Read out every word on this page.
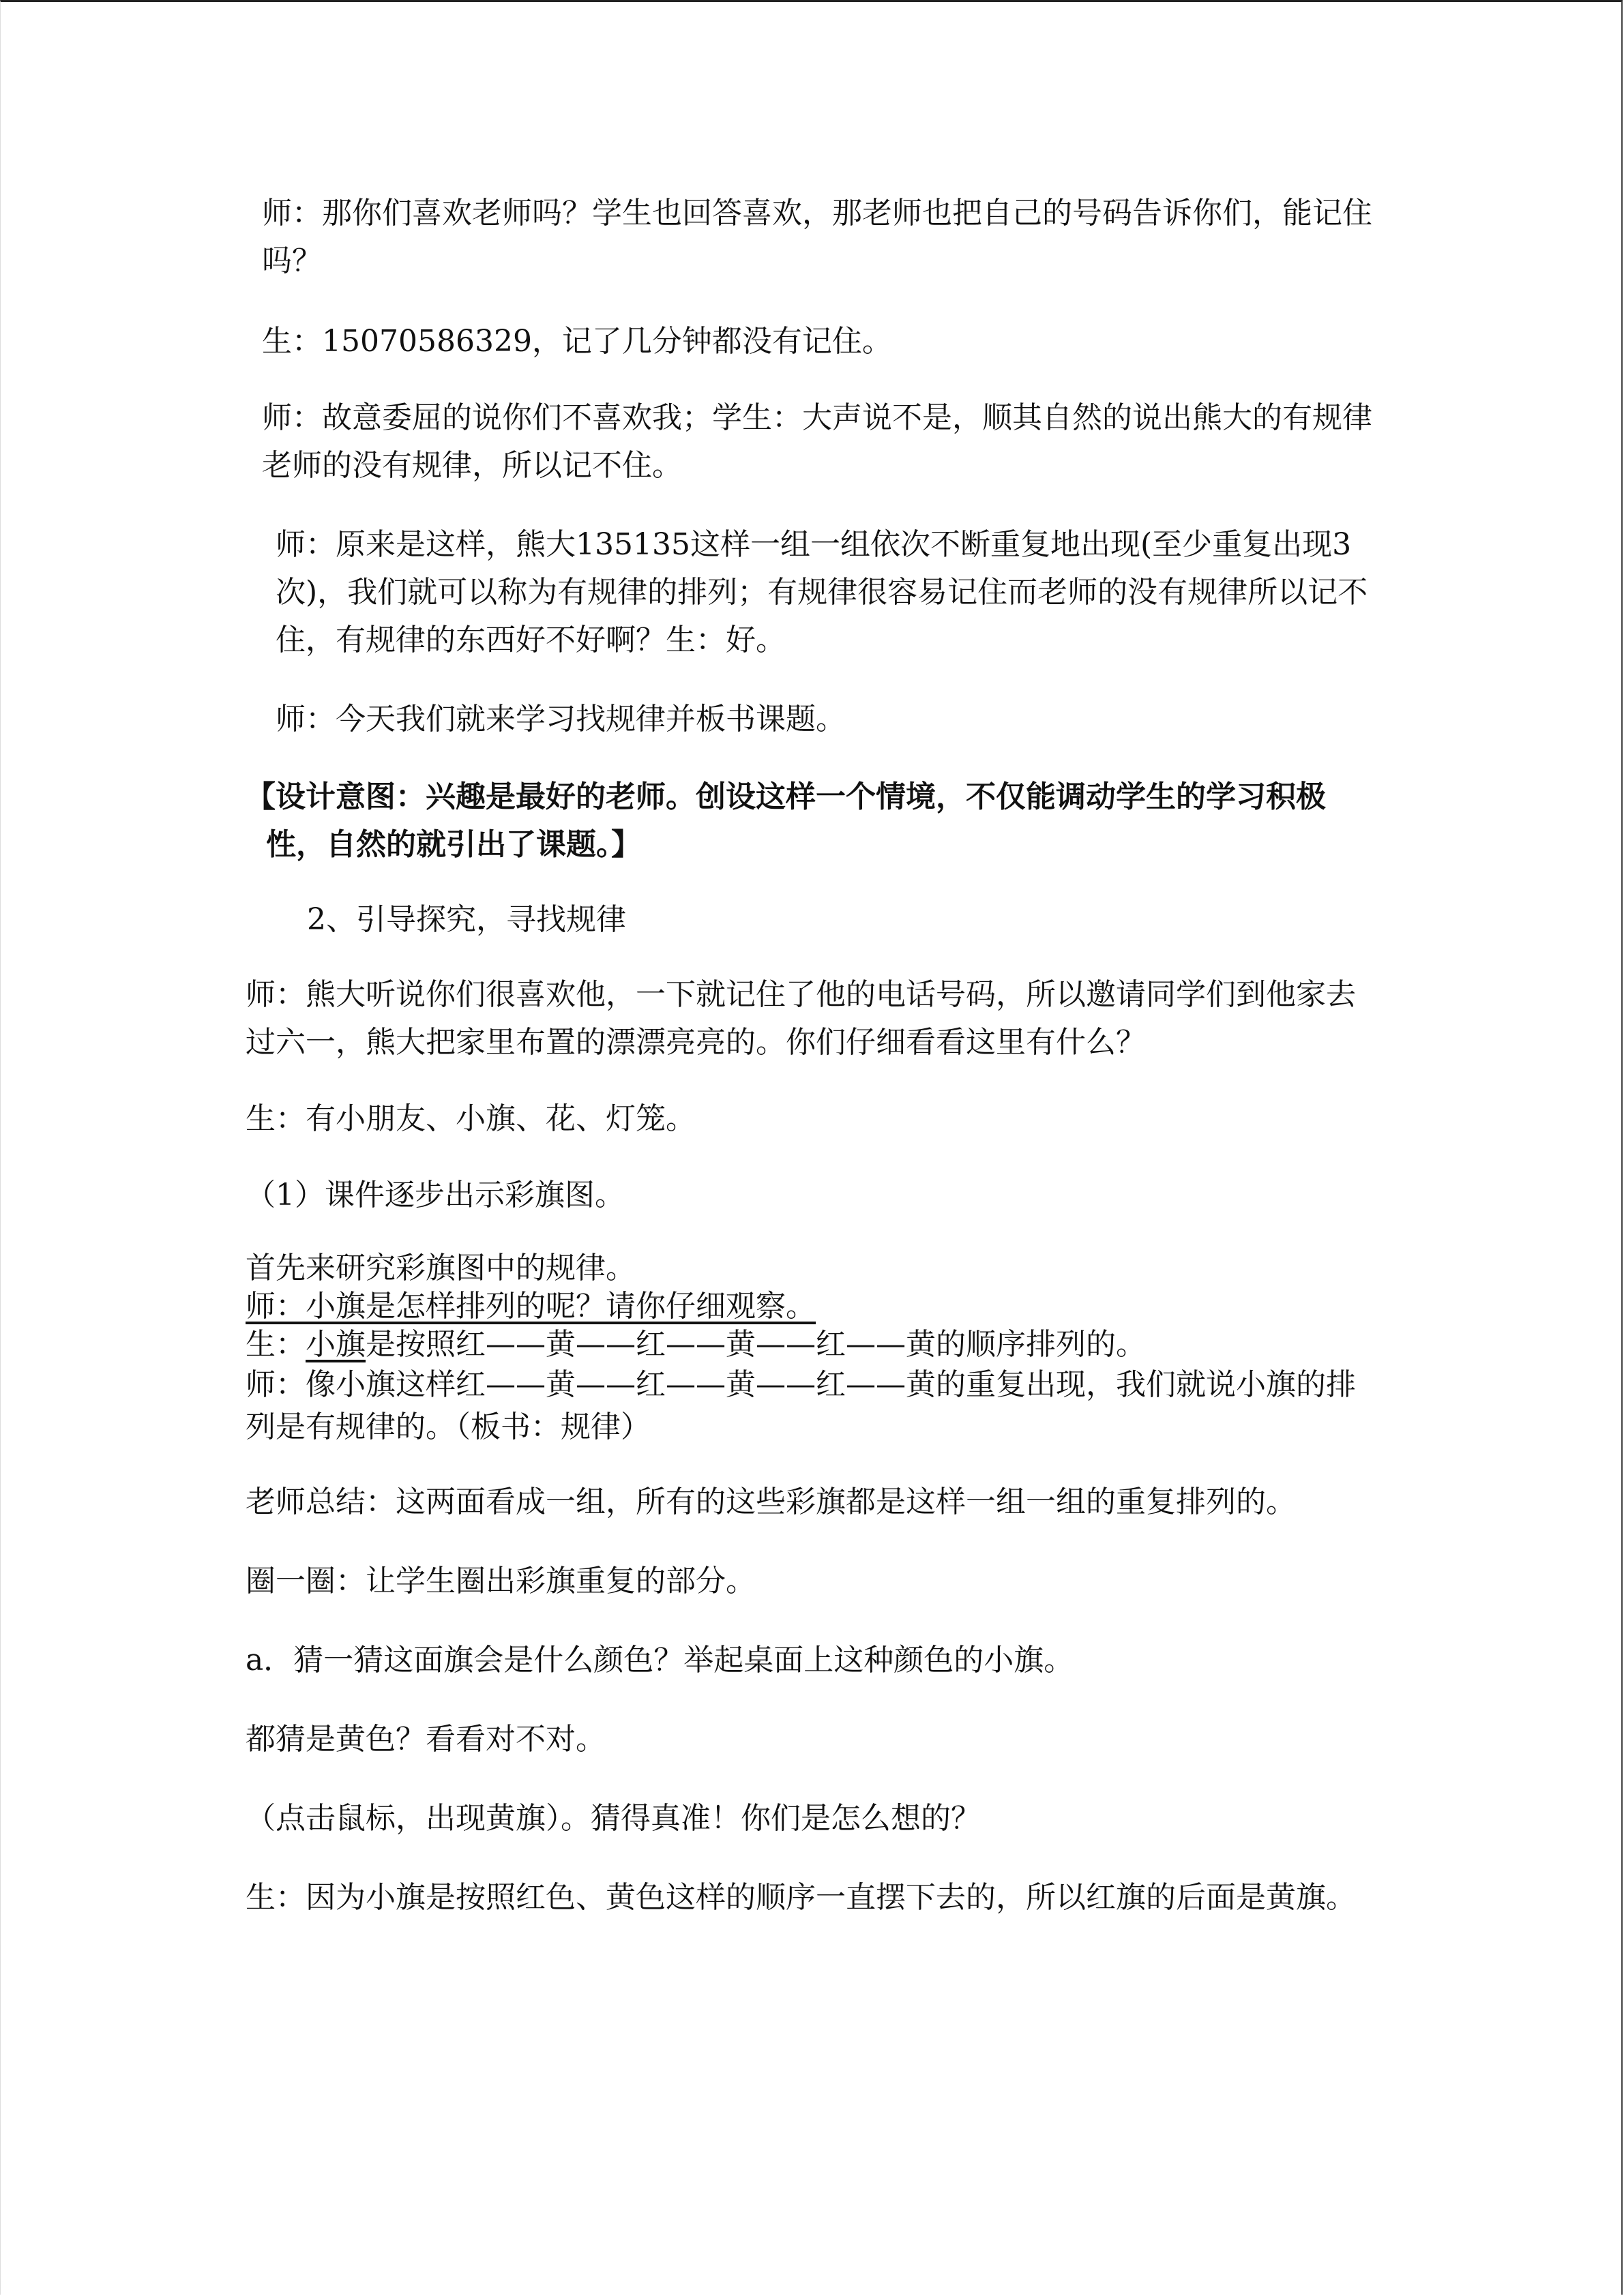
师：那你们喜欢老师吗？学生也回答喜欢，那老师也把自己的号码告诉你们，能记住吗？

生：15070586329，记了几分钟都没有记住。

师：故意委屈的说你们不喜欢我；学生：大声说不是，顺其自然的说出熊大的有规律老师的没有规律，所以记不住。

师：原来是这样，熊大135135这样一组一组依次不断重复地出现(至少重复出现3次)，我们就可以称为有规律的排列；有规律很容易记住而老师的没有规律所以记不住，有规律的东西好不好啊？生：好。

师：今天我们就来学习找规律并板书课题。

【设计意图：兴趣是最好的老师。创设这样一个情境，不仅能调动学生的学习积极性，自然的就引出了课题。】

2、引导探究，寻找规律

师：熊大听说你们很喜欢他，一下就记住了他的电话号码，所以邀请同学们到他家去过六一，熊大把家里布置的漂漂亮亮的。你们仔细看看这里有什么？

生：有小朋友、小旗、花、灯笼。

（1）课件逐步出示彩旗图。

首先来研究彩旗图中的规律。

师：小旗是怎样排列的呢？请你仔细观察。

生：小旗是按照红——黄——红——黄——红——黄的顺序排列的。

师：像小旗这样红——黄——红——黄——红——黄的重复出现，我们就说小旗的排列是有规律的。（板书：规律）

老师总结：这两面看成一组，所有的这些彩旗都是这样一组一组的重复排列的。

圈一圈：让学生圈出彩旗重复的部分。

a．猜一猜这面旗会是什么颜色？举起桌面上这种颜色的小旗。

都猜是黄色？看看对不对。

（点击鼠标，出现黄旗）。猜得真准！你们是怎么想的？

生：因为小旗是按照红色、黄色这样的顺序一直摆下去的，所以红旗的后面是黄旗。
